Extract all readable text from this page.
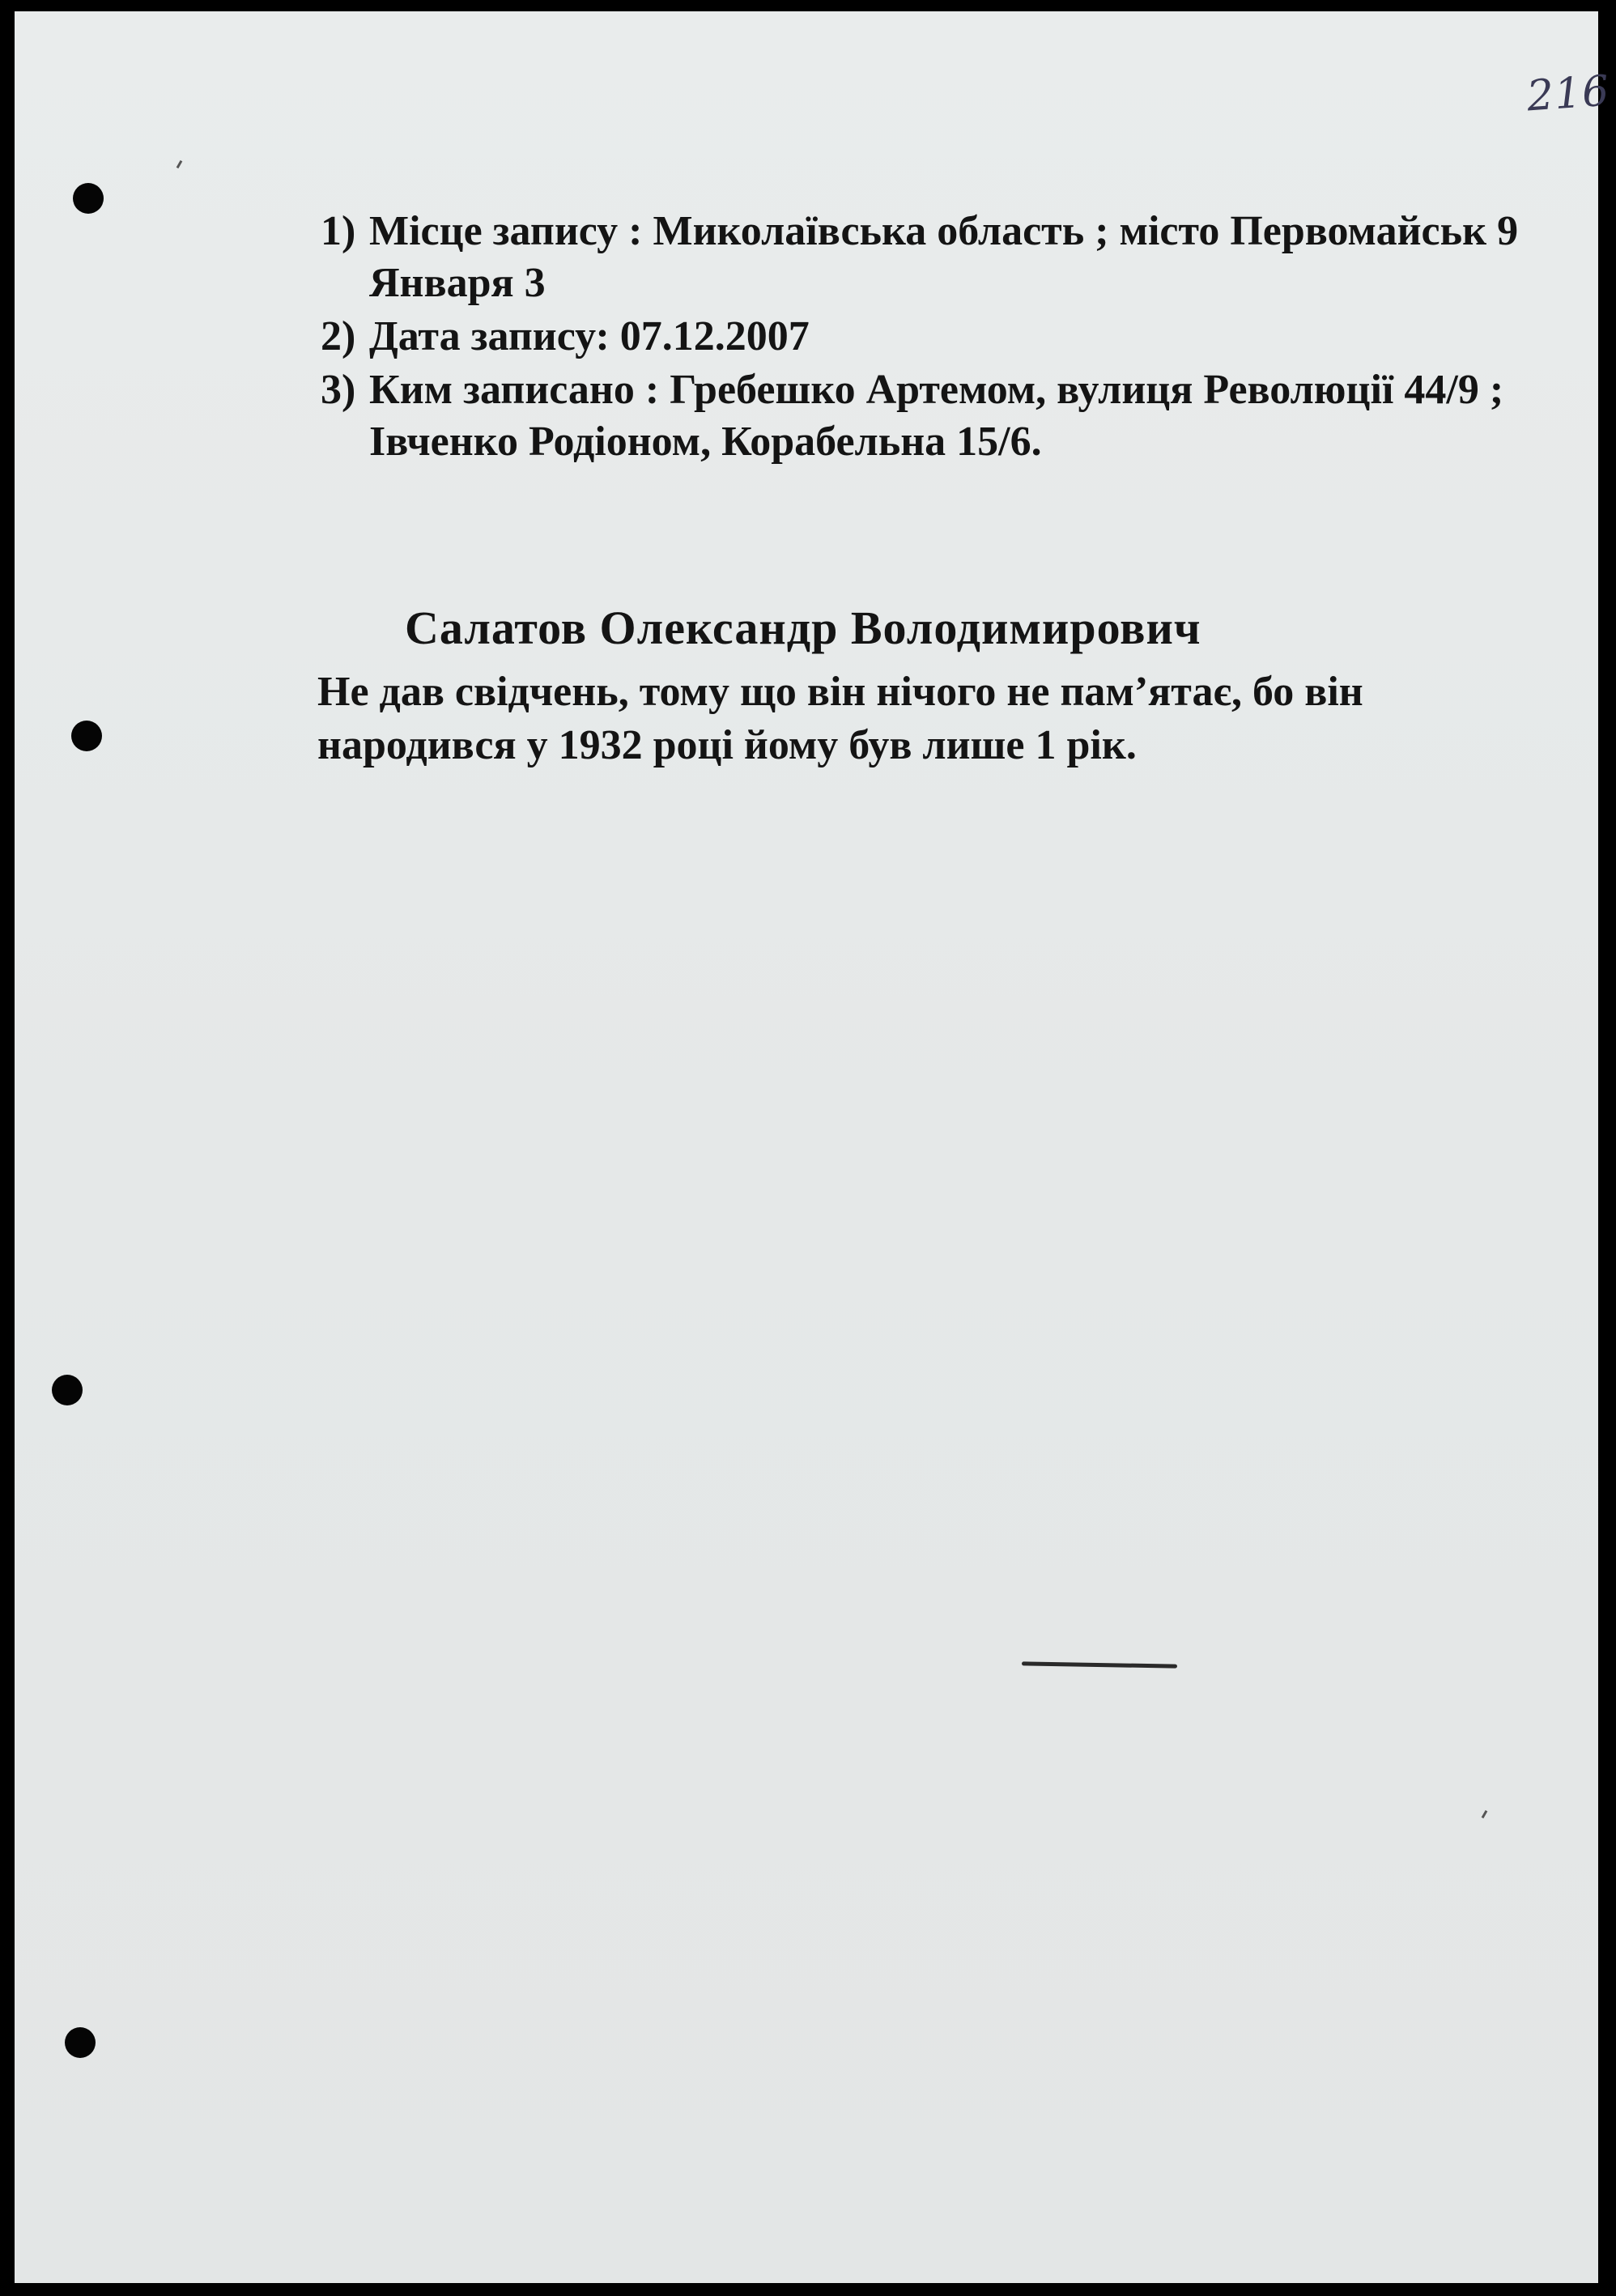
216
1) Місце запису : Миколаївська область ; місто Первомайськ 9 Января 3
2) Дата запису: 07.12.2007
3) Ким записано : Гребешко Артемом, вулиця Революції 44/9 ; Івченко Родіоном, Корабельна 15/6.
Салатов Олександр Володимирович
Не дав свідчень, тому що він нічого не пам’ятає, бо він народився у 1932 році йому був лише 1 рік.
